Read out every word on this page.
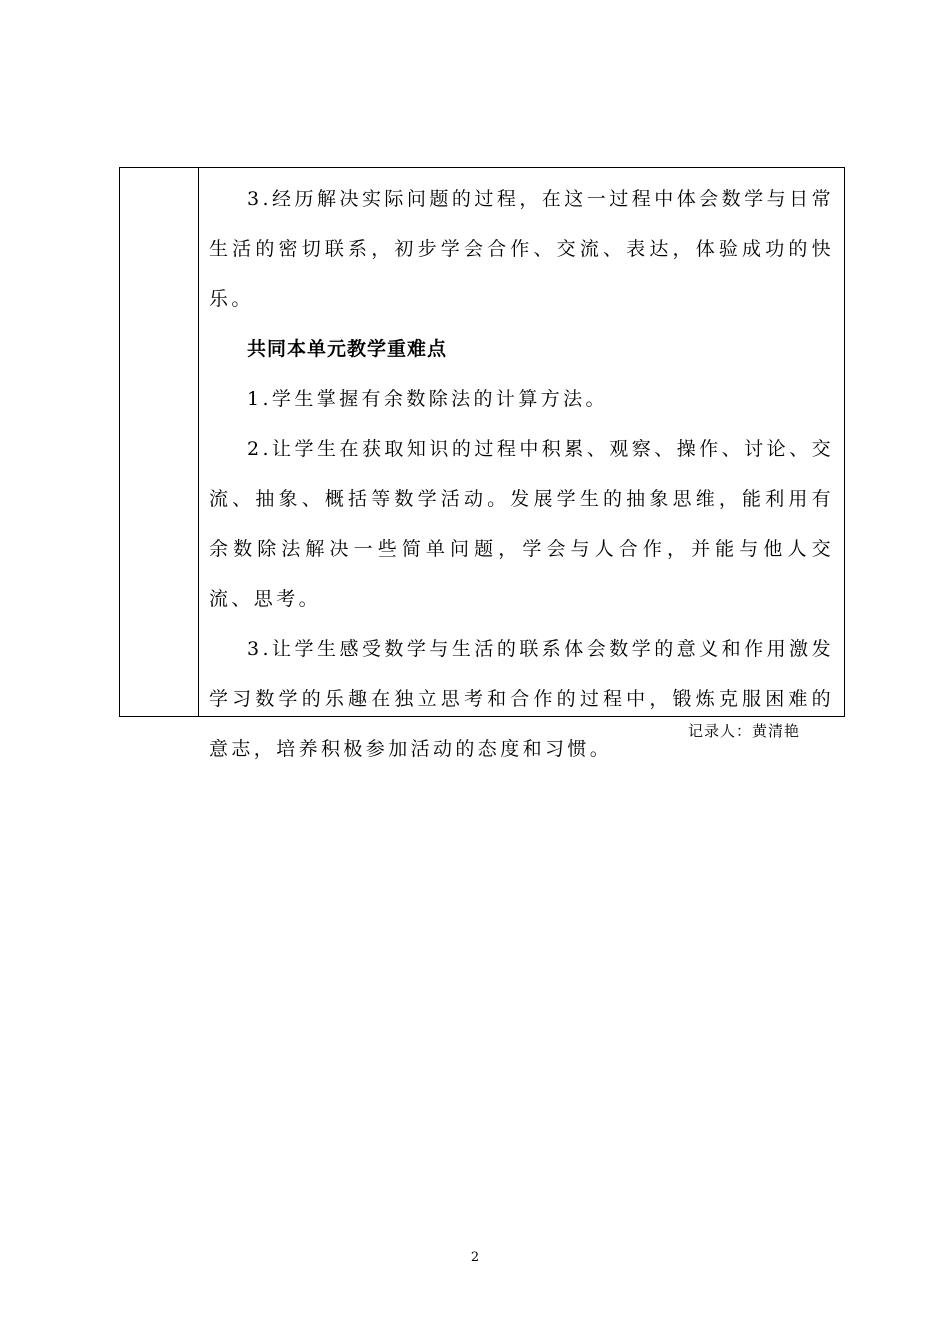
3.经历解决实际问题的过程，在这一过程中体会数学与日常生活的密切联系，初步学会合作、交流、表达，体验成功的快乐。

共同本单元教学重难点

1.学生掌握有余数除法的计算方法。

2.让学生在获取知识的过程中积累、观察、操作、讨论、交流、抽象、概括等数学活动。发展学生的抽象思维，能利用有余数除法解决一些简单问题，学会与人合作，并能与他人交流、思考。

3.让学生感受数学与生活的联系体会数学的意义和作用激发学习数学的乐趣在独立思考和合作的过程中，锻炼克服困难的意志，培养积极参加活动的态度和习惯。

记录人：黄清艳
2
